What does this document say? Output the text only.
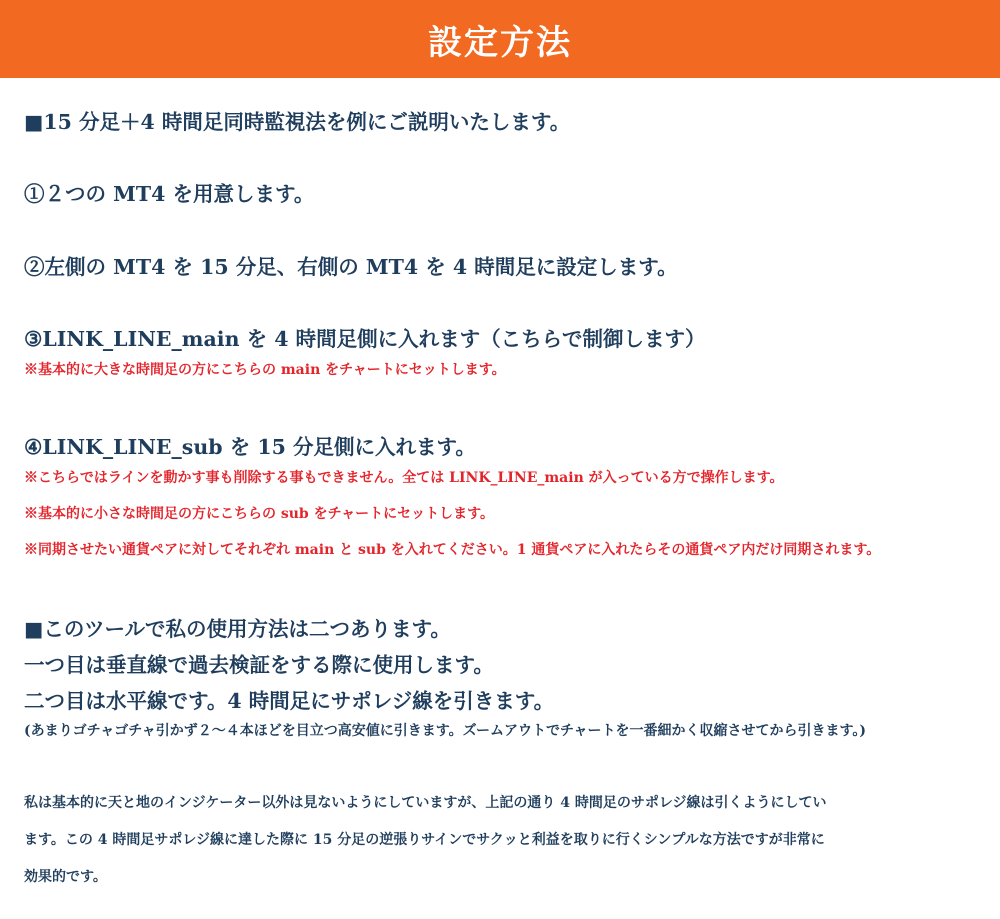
設定方法
■15 分足＋4 時間足同時監視法を例にご説明いたします。
①２つの MT4 を用意します。
②左側の MT4 を 15 分足、右側の MT4 を 4 時間足に設定します。
③LINK_LINE_main を 4 時間足側に入れます（こちらで制御します）
※基本的に大きな時間足の方にこちらの main をチャートにセットします。
④LINK_LINE_sub を 15 分足側に入れます。
※こちらではラインを動かす事も削除する事もできません。全ては LINK_LINE_main が入っている方で操作します。
※基本的に小さな時間足の方にこちらの sub をチャートにセットします。
※同期させたい通貨ペアに対してそれぞれ main と sub を入れてください。1 通貨ペアに入れたらその通貨ペア内だけ同期されます。
■このツールで私の使用方法は二つあります。
一つ目は垂直線で過去検証をする際に使用します。
二つ目は水平線です。4 時間足にサポレジ線を引きます。
(あまりゴチャゴチャ引かず２～４本ほどを目立つ高安値に引きます。ズームアウトでチャートを一番細かく収縮させてから引きます。)
私は基本的に天と地のインジケーター以外は見ないようにしていますが、上記の通り 4 時間足のサポレジ線は引くようにしてい
ます。この 4 時間足サポレジ線に達した際に 15 分足の逆張りサインでサクッと利益を取りに行くシンプルな方法ですが非常に
効果的です。
